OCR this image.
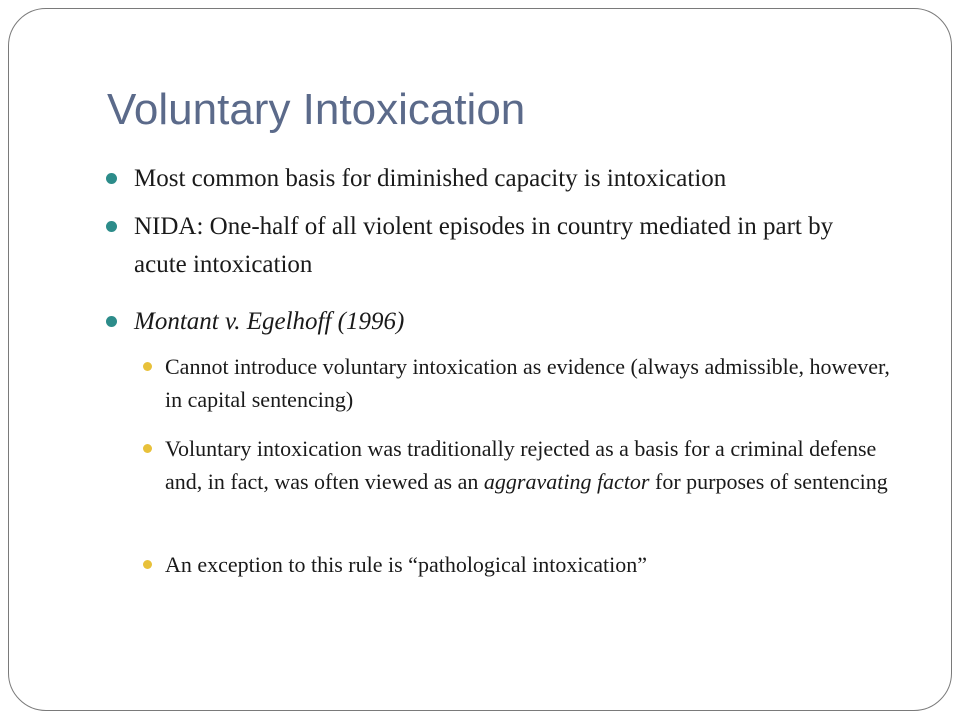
Voluntary Intoxication
Most common basis for diminished capacity is intoxication
NIDA: One-half of all violent episodes in country mediated in part by acute intoxication
Montant v. Egelhoff (1996)
Cannot introduce voluntary intoxication as evidence (always admissible, however, in capital sentencing)
Voluntary intoxication was traditionally rejected as a basis for a criminal defense and, in fact, was often viewed as an aggravating factor for purposes of sentencing
An exception to this rule is “pathological intoxication”
